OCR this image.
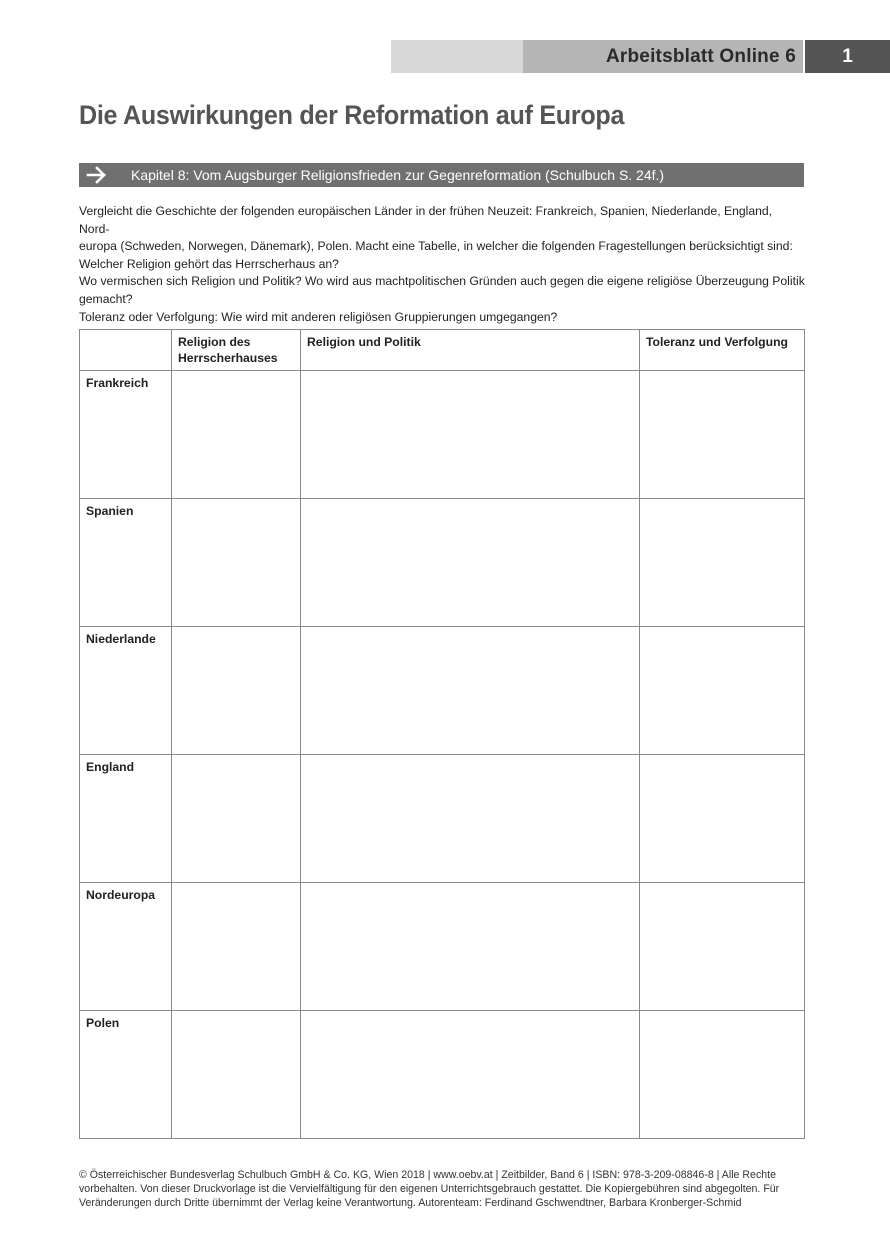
Arbeitsblatt Online 6	1
Die Auswirkungen der Reformation auf Europa
Kapitel 8: Vom Augsburger Religionsfrieden zur Gegenreformation (Schulbuch S. 24f.)

Vergleicht die Geschichte der folgenden europäischen Länder in der frühen Neuzeit: Frankreich, Spanien, Niederlande, England, Nord-

europa (Schweden, Norwegen, Dänemark), Polen. Macht eine Tabelle, in welcher die folgenden Fragestellungen berücksichtigt sind:

Welcher Religion gehört das Herrscherhaus an?

Wo vermischen sich Religion und Politik? Wo wird aus machtpolitischen Gründen auch gegen die eigene religiöse Überzeugung Politik

gemacht?

Toleranz oder Verfolgung: Wie wird mit anderen religiösen Gruppierungen umgegangen?

	Religion des Herrscherhauses	Religion und Politik	Toleranz und Verfolgung
Frankreich			
Spanien			
Niederlande			
England			
Nordeuropa			
Polen			
© Österreichischer Bundesverlag Schulbuch GmbH & Co. KG, Wien 2018 | www.oebv.at | Zeitbilder, Band 6 | ISBN: 978-3-209-08846-8 | Alle Rechte
vorbehalten. Von dieser Druckvorlage ist die Vervielfältigung für den eigenen Unterrichtsgebrauch gestattet. Die Kopiergebühren sind abgegolten. Für
Veränderungen durch Dritte übernimmt der Verlag keine Verantwortung. Autorenteam: Ferdinand Gschwendtner, Barbara Kronberger-Schmid
